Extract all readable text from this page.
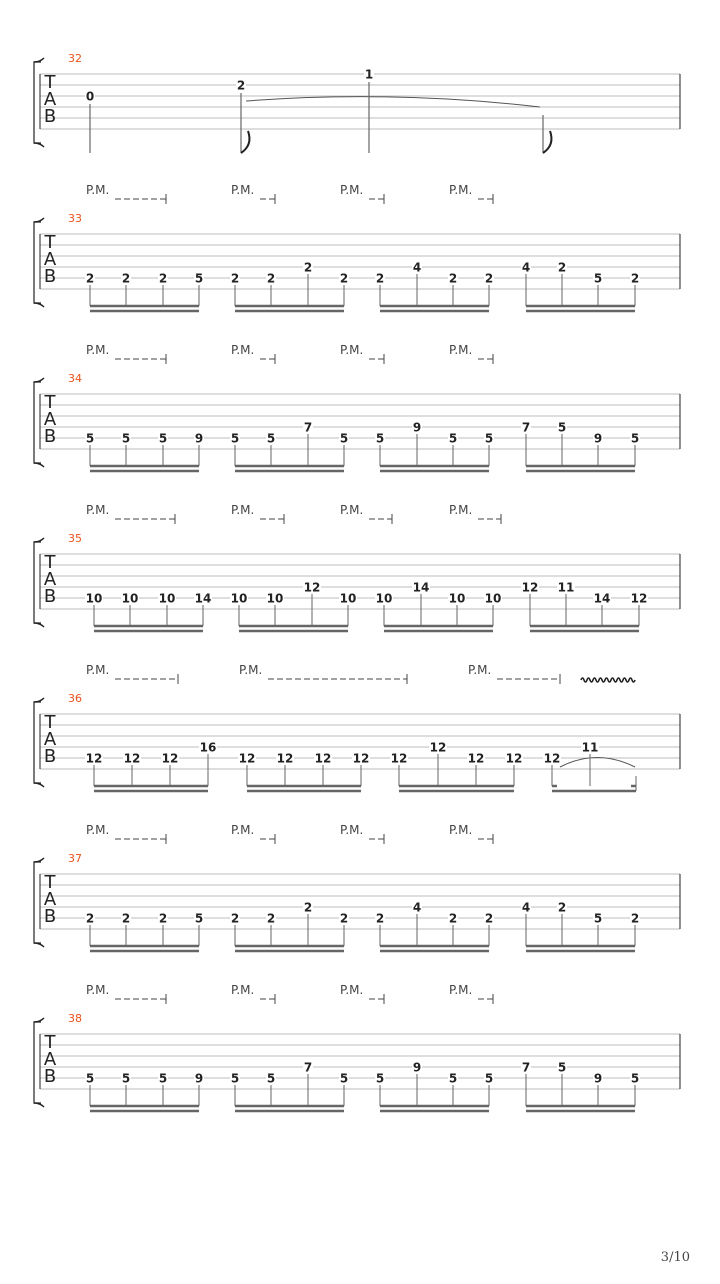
T
A
B
32
0
2
1
T
A
B
33
P.M.	P.M.	P.M.	P.M.
2 2 2 5 2 2
2
2 2
4
2 2
4 2
5 2
T
A
B
34
P.M.	P.M.	P.M.	P.M.
5 5 5 9 5 5
7
5 5
9
5 5
7 5
9 5
T
A
B
35
P.M.	P.M.	P.M.	P.M.
10 10 10 14 10 10
12
10 10
14
10 10
12 11
14 12
T
A
B
36
P.M.	P.M.	P.M.
12 12 12
16
12 12 12 12 12
12
12 12 12
11
T
A
B
37
P.M.	P.M.	P.M.	P.M.
2 2 2 5 2 2
2
2 2
4
2 2
4 2
5 2
T
A
B
38
P.M.	P.M.	P.M.	P.M.
5 5 5 9 5 5
7
5 5
9
5 5
7 5
9 5
3/10
